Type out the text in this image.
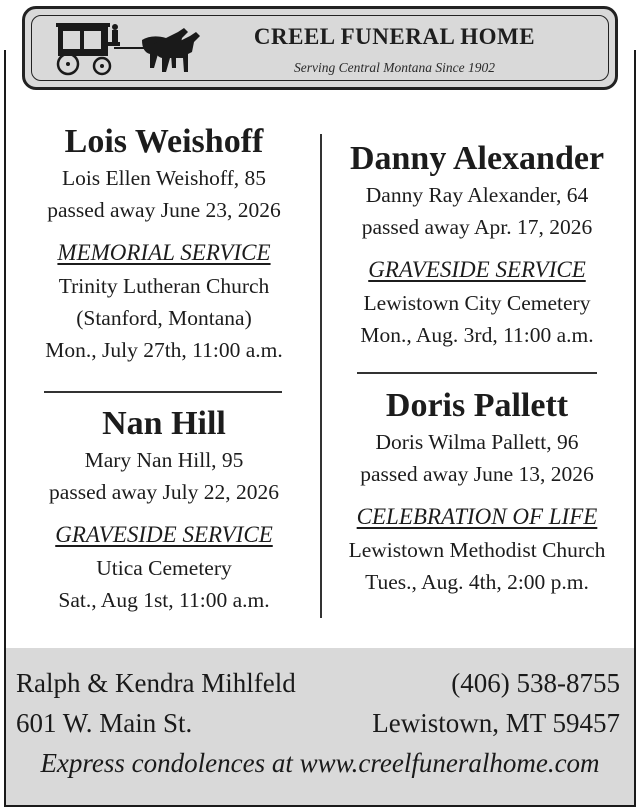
CREEL FUNERAL HOME
Serving Central Montana Since 1902
Lois Weishoff
Lois Ellen Weishoff, 85
passed away June 23, 2026
MEMORIAL SERVICE
Trinity Lutheran Church
(Stanford, Montana)
Mon., July 27th, 11:00 a.m.
Nan Hill
Mary Nan Hill, 95
passed away July 22, 2026
GRAVESIDE SERVICE
Utica Cemetery
Sat., Aug 1st, 11:00 a.m.
Danny Alexander
Danny Ray Alexander, 64
passed away Apr. 17, 2026
GRAVESIDE SERVICE
Lewistown City Cemetery
Mon., Aug. 3rd, 11:00 a.m.
Doris Pallett
Doris Wilma Pallett, 96
passed away June 13, 2026
CELEBRATION OF LIFE
Lewistown Methodist Church
Tues., Aug. 4th, 2:00 p.m.
Ralph & Kendra Mihlfeld	(406) 538-8755
601 W. Main St.	Lewistown, MT 59457
Express condolences at www.creelfuneralhome.com
